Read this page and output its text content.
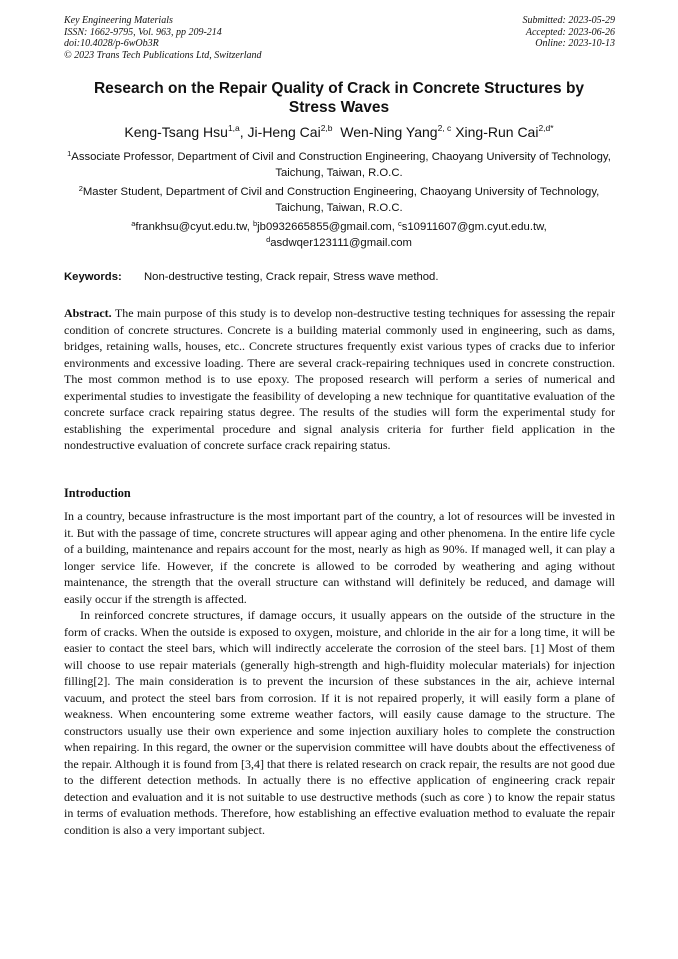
Key Engineering Materials
ISSN: 1662-9795, Vol. 963, pp 209-214
doi:10.4028/p-6wOb3R
© 2023 Trans Tech Publications Ltd, Switzerland
Submitted: 2023-05-29
Accepted: 2023-06-26
Online: 2023-10-13
Research on the Repair Quality of Crack in Concrete Structures by Stress Waves
Keng-Tsang Hsu$^{1,a}$, Ji-Heng Cai$^{2,b}$ Wen-Ning Yang$^{2, c}$ Xing-Run Cai$^{2,d*}$
$^1$Associate Professor, Department of Civil and Construction Engineering, Chaoyang University of Technology, Taichung, Taiwan, R.O.C.
$^2$Master Student, Department of Civil and Construction Engineering, Chaoyang University of Technology, Taichung, Taiwan, R.O.C.
$^a$frankhsu@cyut.edu.tw, $^b$jb0932665855@gmail.com, $^c$s10911607@gm.cyut.edu.tw,
$^d$asdwqer123111@gmail.com
Keywords: Non-destructive testing, Crack repair, Stress wave method.
Abstract. The main purpose of this study is to develop non-destructive testing techniques for assessing the repair condition of concrete structures. Concrete is a building material commonly used in engineering, such as dams, bridges, retaining walls, houses, etc.. Concrete structures frequently exist various types of cracks due to inferior environments and excessive loading. There are several crack-repairing techniques used in concrete construction. The most common method is to use epoxy. The proposed research will perform a series of numerical and experimental studies to investigate the feasibility of developing a new technique for quantitative evaluation of the concrete surface crack repairing status degree. The results of the studies will form the experimental study for establishing the experimental procedure and signal analysis criteria for further field application in the nondestructive evaluation of concrete surface crack repairing status.
Introduction

In a country, because infrastructure is the most important part of the country, a lot of resources will be invested in it. But with the passage of time, concrete structures will appear aging and other phenomena. In the entire life cycle of a building, maintenance and repairs account for the most, nearly as high as 90%. If managed well, it can play a longer service life. However, if the concrete is allowed to be corroded by weathering and aging without maintenance, the strength that the overall structure can withstand will definitely be reduced, and damage will easily occur if the strength is affected.

In reinforced concrete structures, if damage occurs, it usually appears on the outside of the structure in the form of cracks. When the outside is exposed to oxygen, moisture, and chloride in the air for a long time, it will be easier to contact the steel bars, which will indirectly accelerate the corrosion of the steel bars. [1] Most of them will choose to use repair materials (generally high-strength and high-fluidity molecular materials) for injection filling[2]. The main consideration is to prevent the incursion of these substances in the air, achieve internal vacuum, and protect the steel bars from corrosion. If it is not repaired properly, it will easily form a plane of weakness. When encountering some extreme weather factors, will easily cause damage to the structure. The constructors usually use their own experience and some injection auxiliary holes to complete the construction when repairing. In this regard, the owner or the supervision committee will have doubts about the effectiveness of the repair. Although it is found from [3,4] that there is related research on crack repair, the results are not good due to the different detection methods. In actually there is no effective application of engineering crack repair detection and evaluation and it is not suitable to use destructive methods (such as core ) to know the repair status in terms of evaluation methods. Therefore, how establishing an effective evaluation method to evaluate the repair condition is also a very important subject.
